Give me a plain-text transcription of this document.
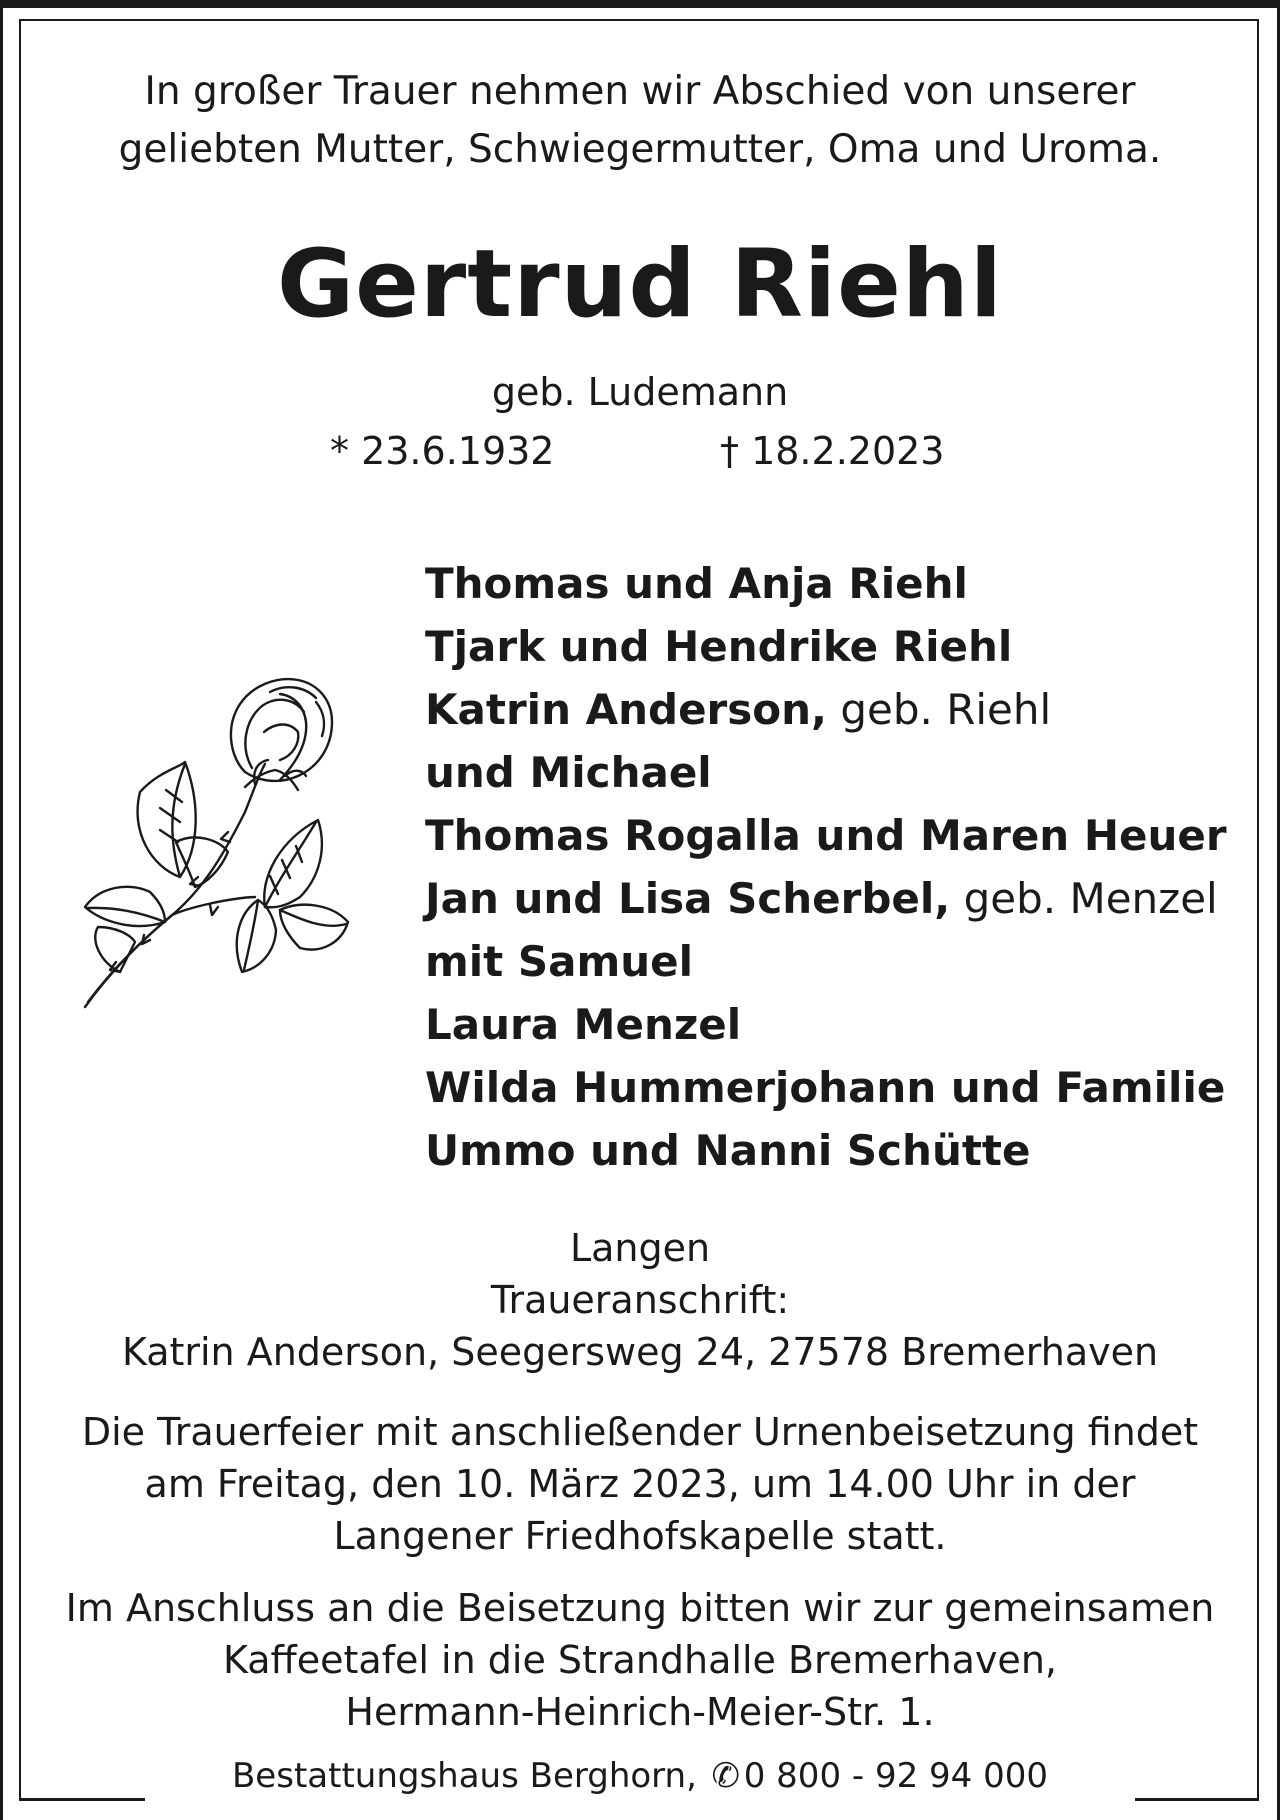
In großer Trauer nehmen wir Abschied von unserer
geliebten Mutter, Schwiegermutter, Oma und Uroma.
Gertrud Riehl
geb. Ludemann
* 23.6.1932	† 18.2.2023
Thomas und Anja Riehl
Tjark und Hendrike Riehl
Katrin Anderson, geb. Riehl
und Michael
Thomas Rogalla und Maren Heuer
Jan und Lisa Scherbel, geb. Menzel
mit Samuel
Laura Menzel
Wilda Hummerjohann und Familie
Ummo und Nanni Schütte
Langen
Traueranschrift:
Katrin Anderson, Seegersweg 24, 27578 Bremerhaven
Die Trauerfeier mit anschließender Urnenbeisetzung findet
am Freitag, den 10. März 2023, um 14.00 Uhr in der
Langener Friedhofskapelle statt.
Im Anschluss an die Beisetzung bitten wir zur gemeinsamen
Kaffeetafel in die Strandhalle Bremerhaven,
Hermann-Heinrich-Meier-Str. 1.
Bestattungshaus Berghorn, ✆ 0 800 - 92 94 000
